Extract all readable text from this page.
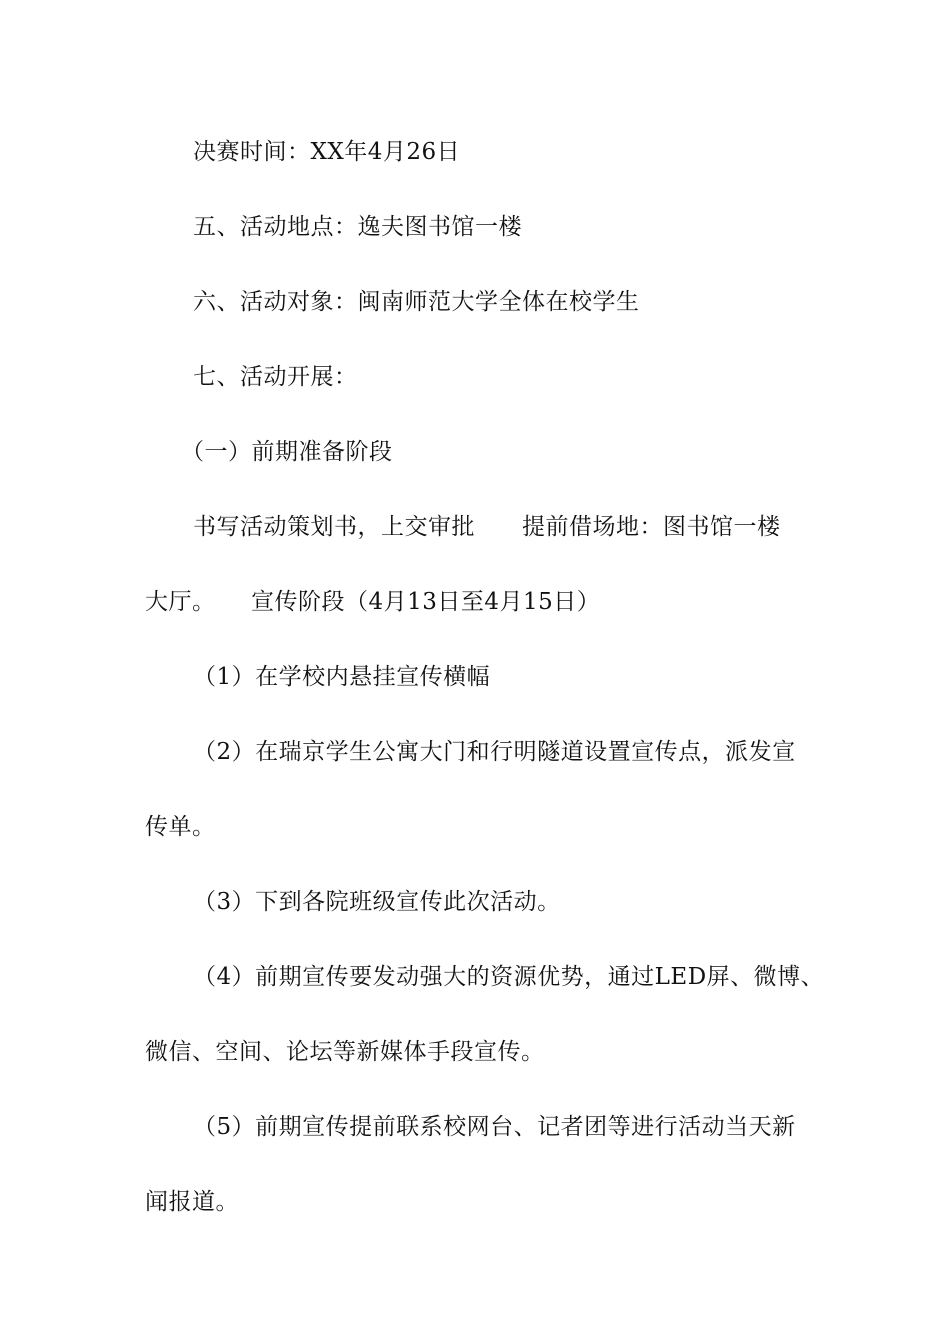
决赛时间：XX年4月26日
五、活动地点：逸夫图书馆一楼
六、活动对象：闽南师范大学全体在校学生
七、活动开展：
（一）前期准备阶段
书写活动策划书，上交审批　　提前借场地：图书馆一楼
大厅。　　宣传阶段（4月13日至4月15日）
（1）在学校内悬挂宣传横幅
（2）在瑞京学生公寓大门和行明隧道设置宣传点，派发宣
传单。
（3）下到各院班级宣传此次活动。
（4）前期宣传要发动强大的资源优势，通过LED屏、微博、
微信、空间、论坛等新媒体手段宣传。
（5）前期宣传提前联系校网台、记者团等进行活动当天新
闻报道。
